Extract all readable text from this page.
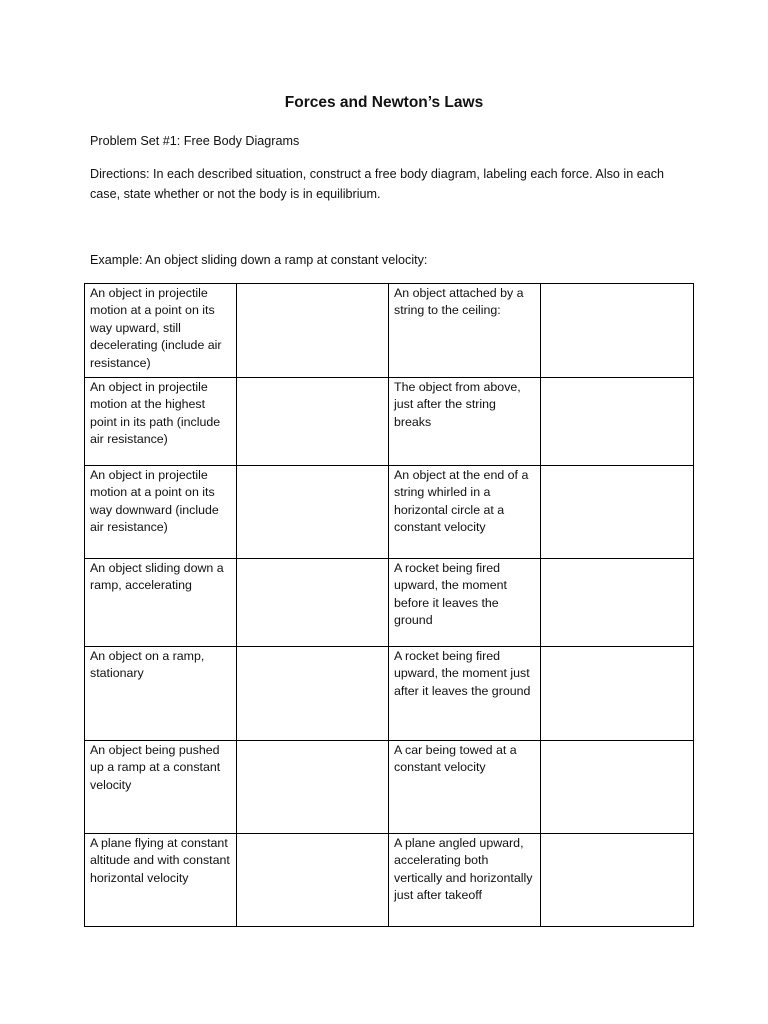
Forces and Newton’s Laws
Problem Set #1: Free Body Diagrams
Directions: In each described situation, construct a free body diagram, labeling each force. Also in each case, state whether or not the body is in equilibrium.
Example: An object sliding down a ramp at constant velocity:
An object in projectile motion at a point on its way upward, still decelerating (include air resistance)		An object attached by a string to the ceiling:	
An object in projectile motion at the highest point in its path (include air resistance)		The object from above, just after the string breaks	
An object in projectile motion at a point on its way downward (include air resistance)		An object at the end of a string whirled in a horizontal circle at a constant velocity	
An object sliding down a ramp, accelerating		A rocket being fired upward, the moment before it leaves the ground	
An object on a ramp, stationary		A rocket being fired upward, the moment just after it leaves the ground	
An object being pushed up a ramp at a constant velocity		A car being towed at a constant velocity	
A plane flying at constant altitude and with constant horizontal velocity		A plane angled upward, accelerating both vertically and horizontally just after takeoff	
